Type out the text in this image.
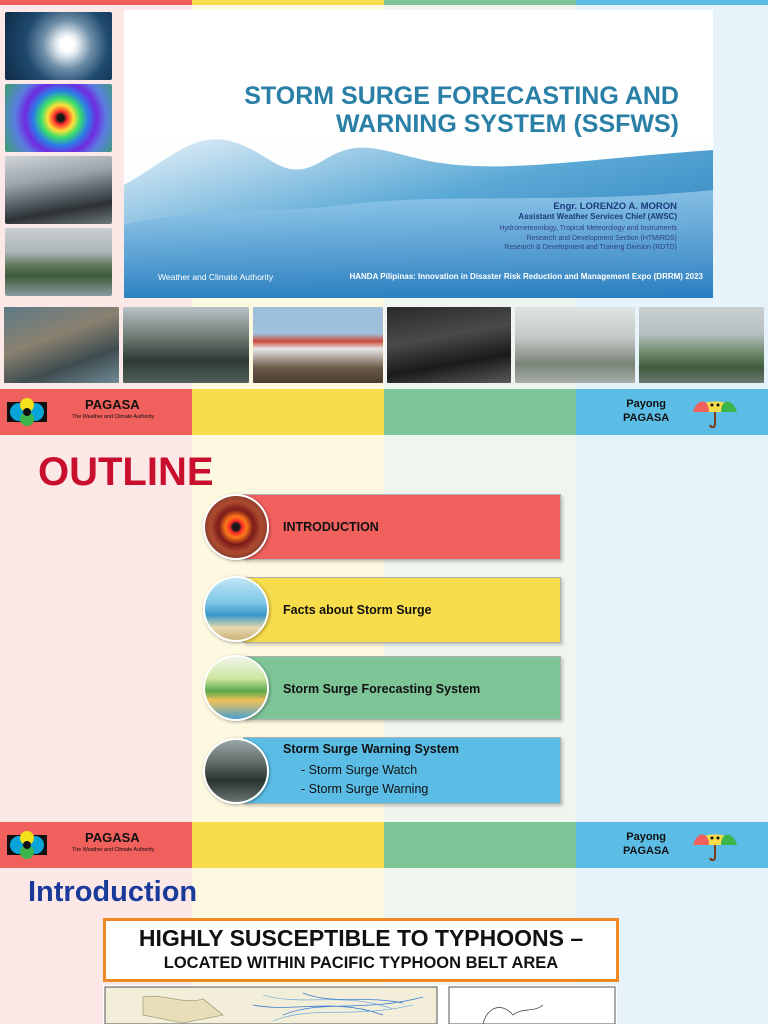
STORM SURGE FORECASTING AND WARNING SYSTEM (SSFWS)
Engr. LORENZO A. MORON
Assistant Weather Services Chief (AWSC)
Hydrometeorology, Tropical Meteorology and Instruments
Research and Development Section (HTMIRDS)
Research & Development and Training Division (RDTD)
Weather and Climate Authority	HANDA Pilipinas: Innovation in Disaster Risk Reduction and Management Expo (DRRM) 2023
PAGASA
The Weather and Climate Authority
Payong
PAGASA
OUTLINE
INTRODUCTION
Facts about Storm Surge
Storm Surge Forecasting System
Storm Surge Warning System
- Storm Surge Watch
- Storm Surge Warning
PAGASA
The Weather and Climate Authority
Payong
PAGASA
Introduction
HIGHLY SUSCEPTIBLE TO TYPHOONS –
LOCATED WITHIN PACIFIC TYPHOON BELT AREA
